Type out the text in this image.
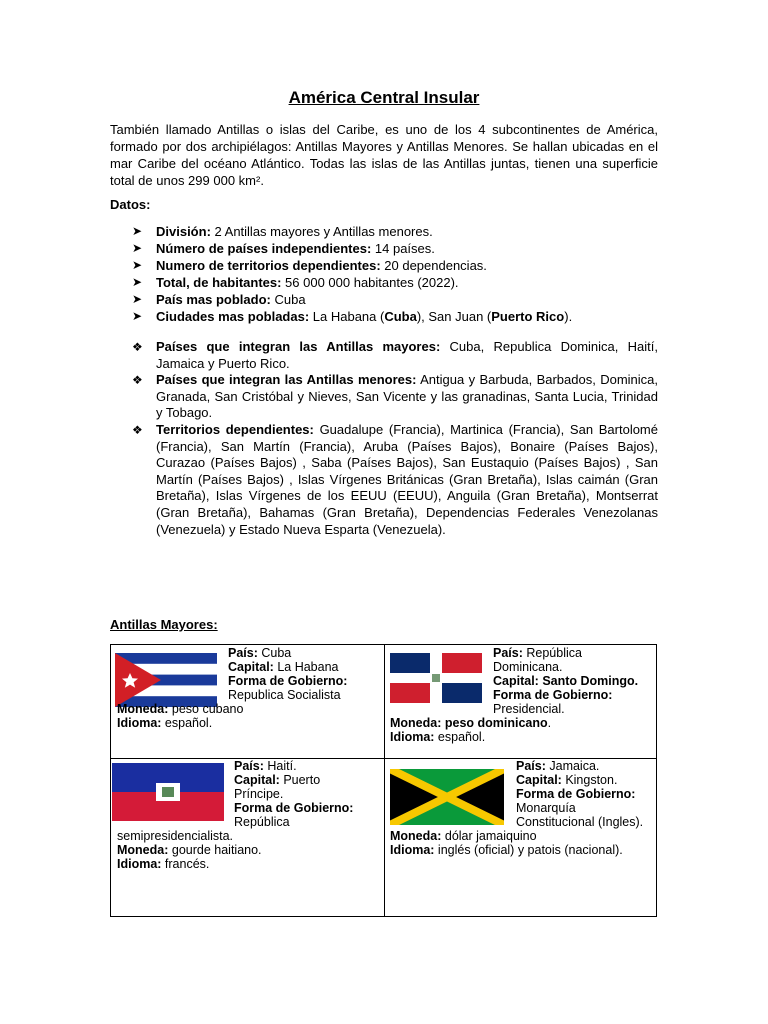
América Central Insular
También llamado Antillas o islas del Caribe, es uno de los 4 subcontinentes de América, formado por dos archipiélagos: Antillas Mayores y Antillas Menores. Se hallan ubicadas en el mar Caribe del océano Atlántico. Todas las islas de las Antillas juntas, tienen una superficie total de unos 299 000 km².
Datos:
➤ División: 2 Antillas mayores y Antillas menores.
➤ Número de países independientes: 14 países.
➤ Numero de territorios dependientes: 20 dependencias.
➤ Total, de habitantes: 56 000 000 habitantes (2022).
➤ País mas poblado: Cuba
➤ Ciudades mas pobladas: La Habana (Cuba), San Juan (Puerto Rico).
❖ Países que integran las Antillas mayores: Cuba, Republica Dominica, Haití, Jamaica y Puerto Rico.
❖ Países que integran las Antillas menores: Antigua y Barbuda, Barbados, Dominica, Granada, San Cristóbal y Nieves, San Vicente y las granadinas, Santa Lucia, Trinidad y Tobago.
❖ Territorios dependientes: Guadalupe (Francia), Martinica (Francia), San Bartolomé (Francia), San Martín (Francia), Aruba (Países Bajos), Bonaire (Países Bajos), Curazao (Países Bajos) , Saba (Países Bajos), San Eustaquio (Países Bajos) , San Martín (Países Bajos) , Islas Vírgenes Británicas (Gran Bretaña), Islas caimán (Gran Bretaña), Islas Vírgenes de los EEUU (EEUU), Anguila (Gran Bretaña), Montserrat (Gran Bretaña), Bahamas (Gran Bretaña), Dependencias Federales Venezolanas (Venezuela) y Estado Nueva Esparta (Venezuela).
Antillas Mayores:
País: Cuba
Capital: La Habana
Forma de Gobierno:
Republica Socialista
Moneda: peso cubano
Idioma: español.
País: República
Dominicana.
Capital: Santo Domingo.
Forma de Gobierno:
Presidencial.
Moneda: peso dominicano.
Idioma: español.
País: Haití.
Capital: Puerto
Príncipe.
Forma de Gobierno:
República
semipresidencialista.
Moneda: gourde haitiano.
Idioma: francés.
País: Jamaica.
Capital: Kingston.
Forma de Gobierno:
Monarquía
Constitucional (Ingles).
Moneda: dólar jamaiquino
Idioma: inglés (oficial) y patois (nacional).
